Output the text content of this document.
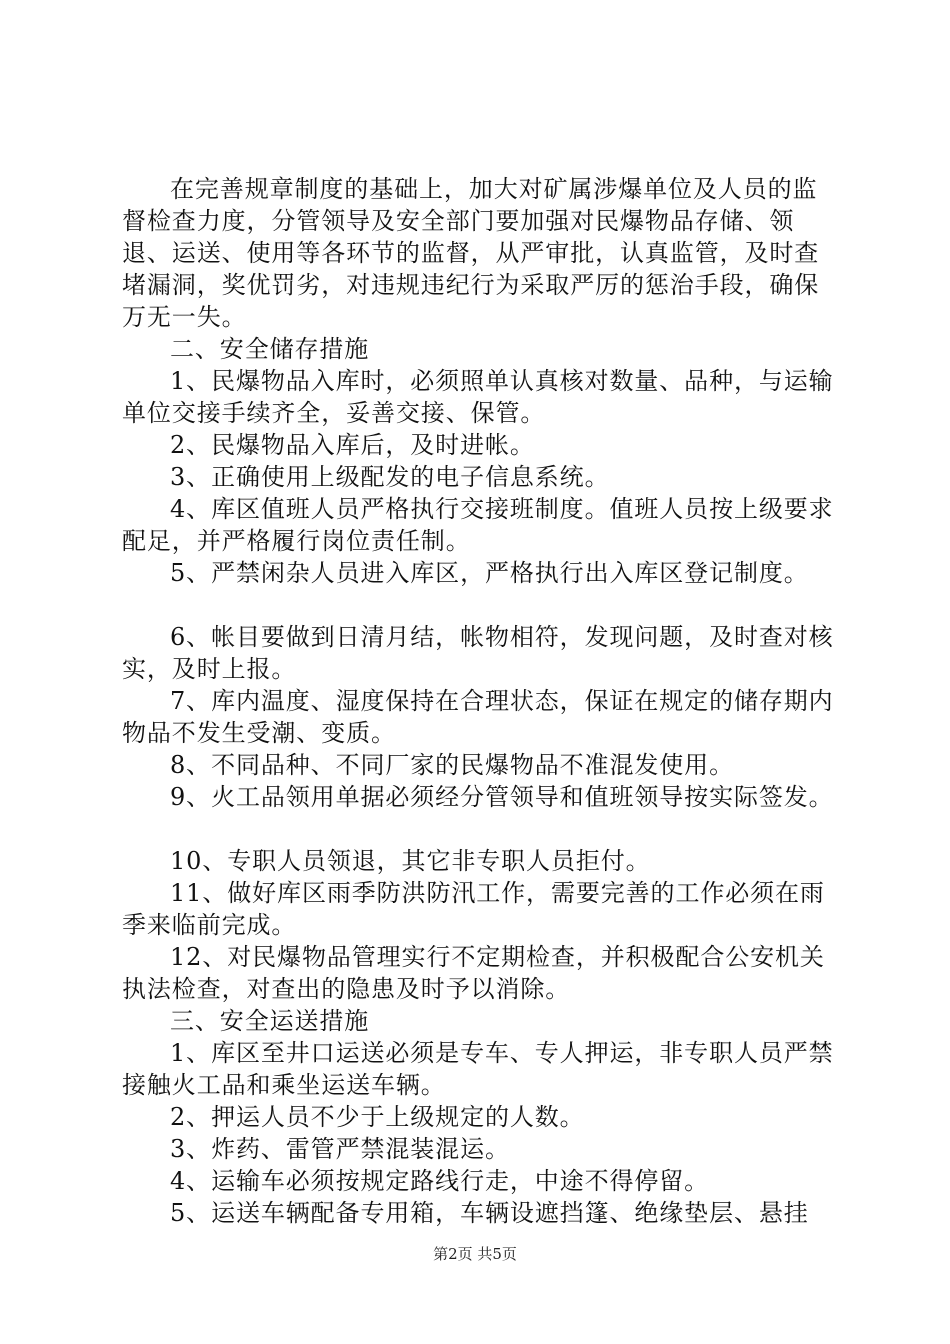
在完善规章制度的基础上，加大对矿属涉爆单位及人员的监督检查力度，分管领导及安全部门要加强对民爆物品存储、领退、运送、使用等各环节的监督，从严审批，认真监管，及时查堵漏洞，奖优罚劣，对违规违纪行为采取严厉的惩治手段，确保万无一失。

二、安全储存措施

1、民爆物品入库时，必须照单认真核对数量、品种，与运输单位交接手续齐全，妥善交接、保管。

2、民爆物品入库后，及时进帐。

3、正确使用上级配发的电子信息系统。

4、库区值班人员严格执行交接班制度。值班人员按上级要求配足，并严格履行岗位责任制。

5、严禁闲杂人员进入库区，严格执行出入库区登记制度。

6、帐目要做到日清月结，帐物相符，发现问题，及时查对核实，及时上报。

7、库内温度、湿度保持在合理状态，保证在规定的储存期内物品不发生受潮、变质。

8、不同品种、不同厂家的民爆物品不准混发使用。

9、火工品领用单据必须经分管领导和值班领导按实际签发。

10、专职人员领退，其它非专职人员拒付。

11、做好库区雨季防洪防汛工作，需要完善的工作必须在雨季来临前完成。

12、对民爆物品管理实行不定期检查，并积极配合公安机关执法检查，对查出的隐患及时予以消除。

三、安全运送措施

1、库区至井口运送必须是专车、专人押运，非专职人员严禁接触火工品和乘坐运送车辆。

2、押运人员不少于上级规定的人数。

3、炸药、雷管严禁混装混运。

4、运输车必须按规定路线行走，中途不得停留。

5、运送车辆配备专用箱，车辆设遮挡篷、绝缘垫层、悬挂

第2页 共5页
